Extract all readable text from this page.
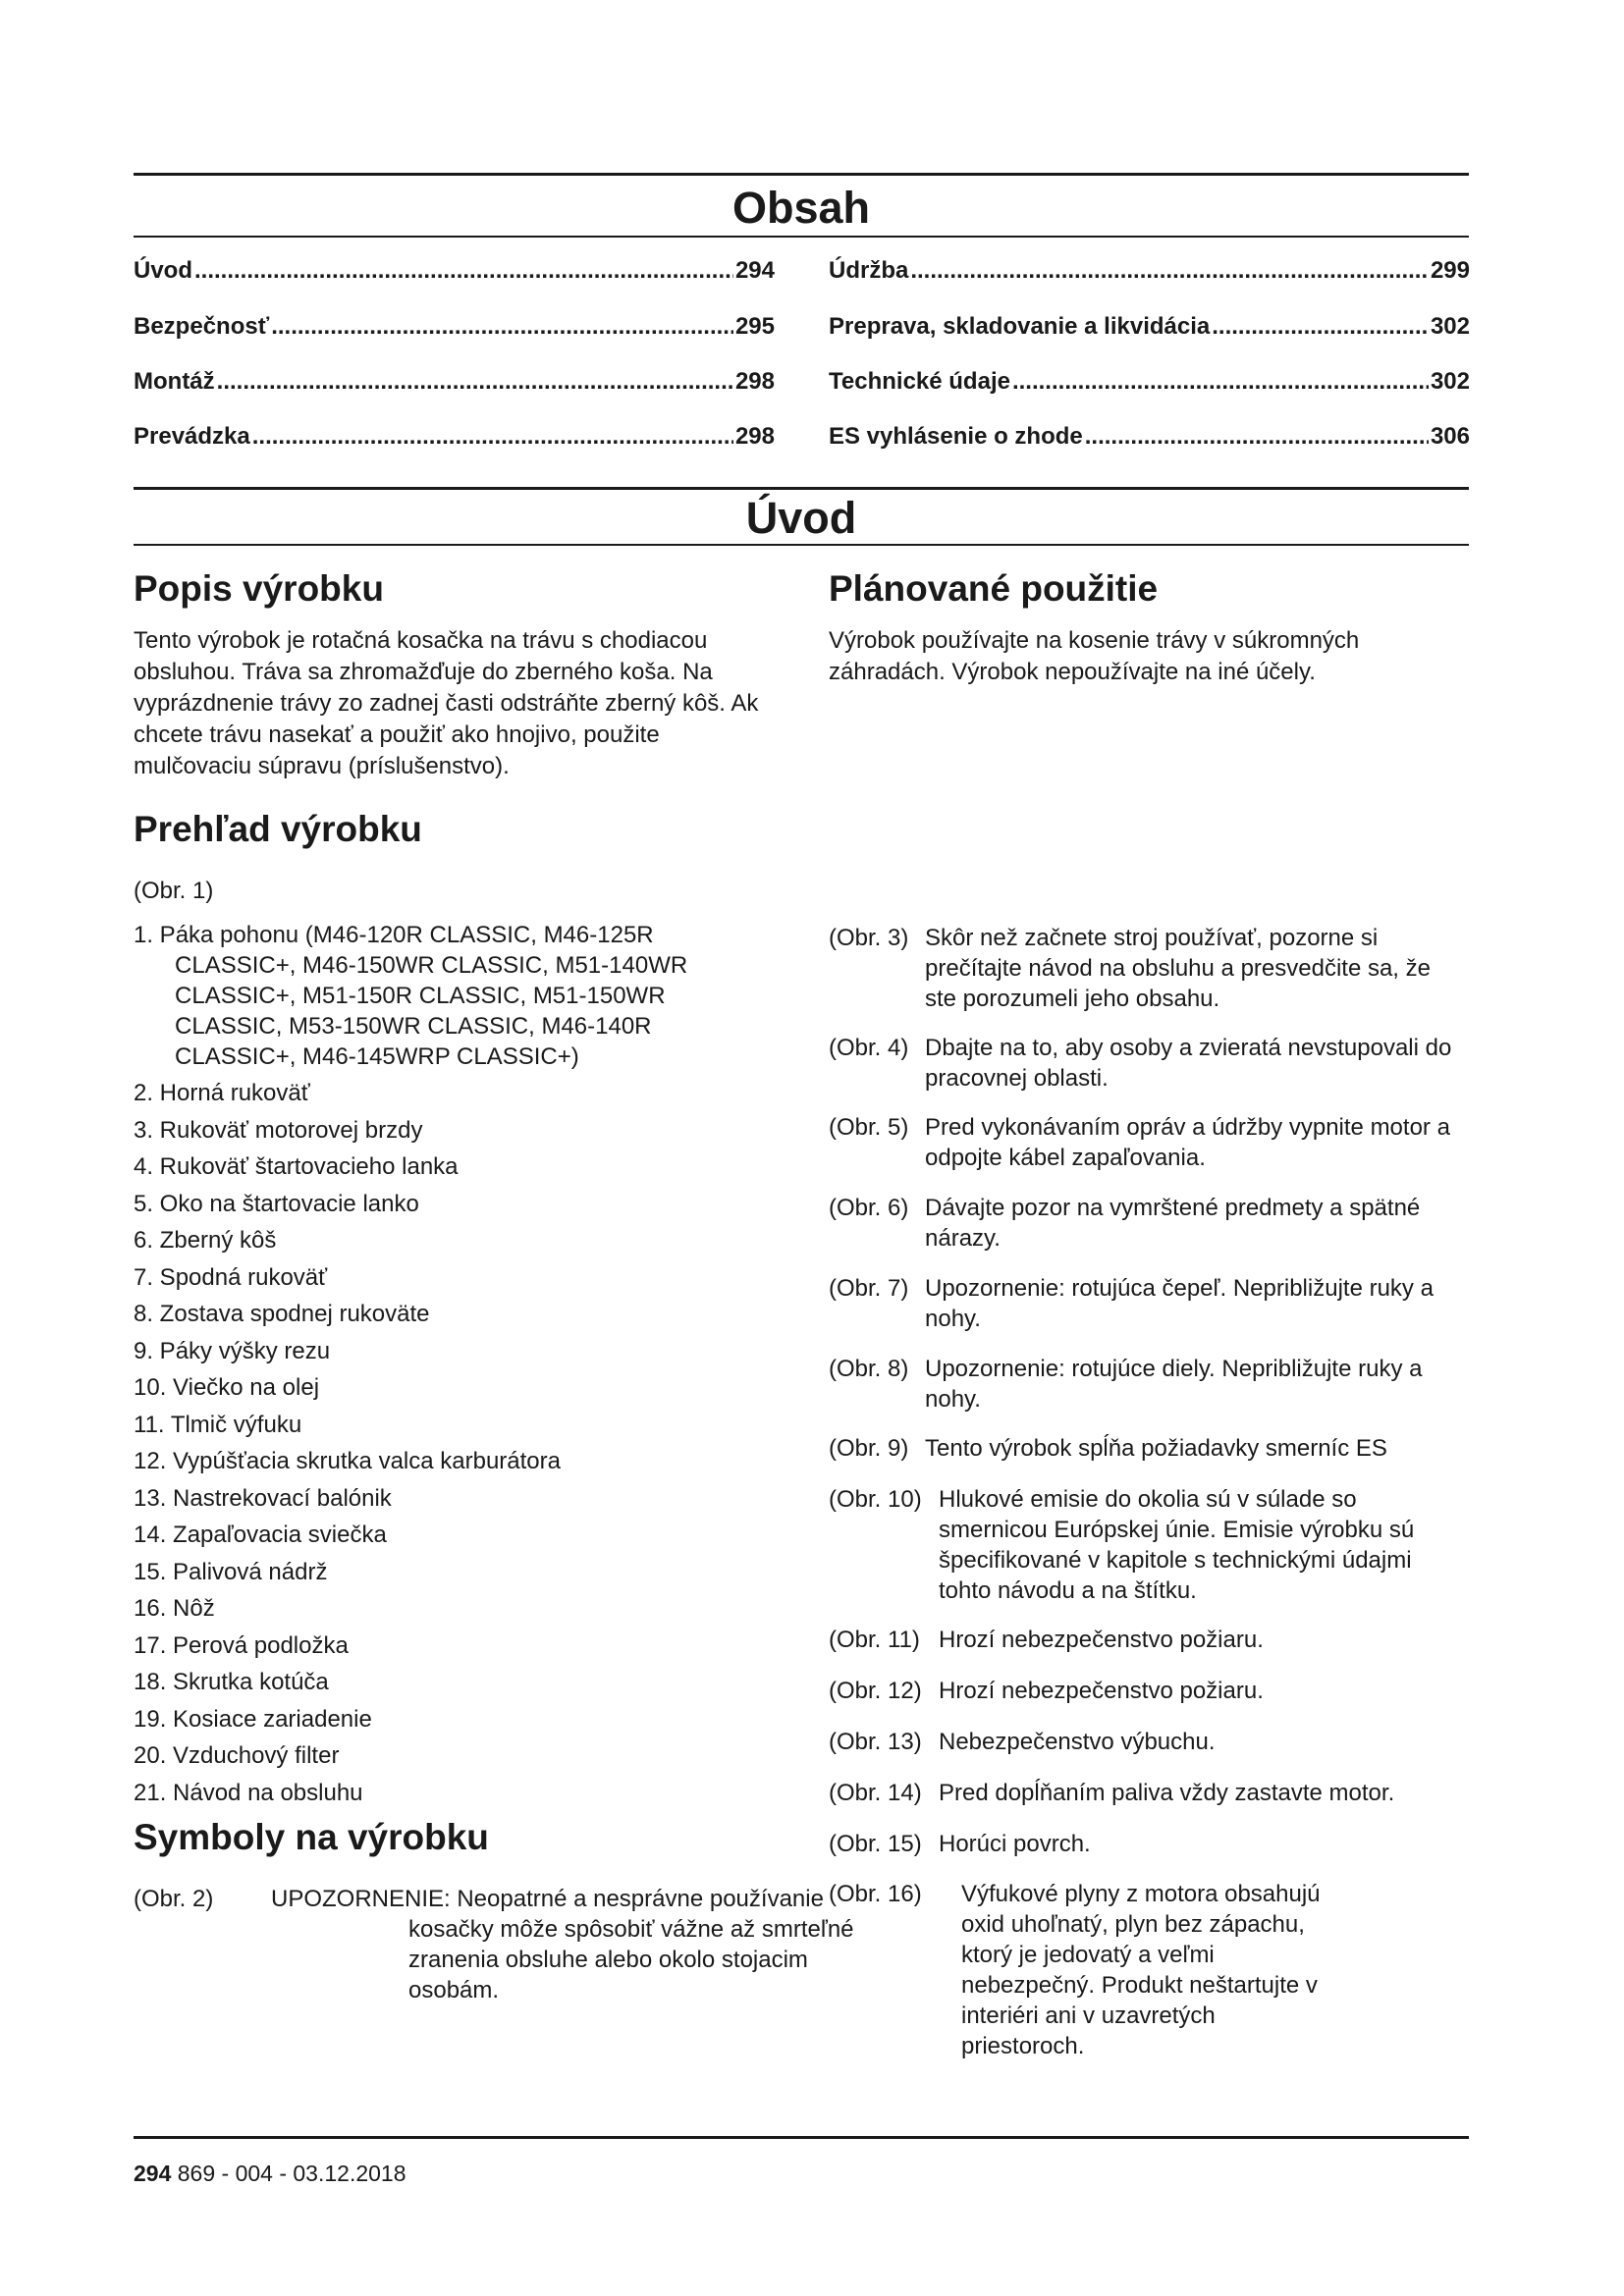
Obsah
Úvod .....	294
Bezpečnosť .....	295
Montáž .....	298
Prevádzka .....	298
Údržba .....	299
Preprava, skladovanie a likvidácia .....	302
Technické údaje .....	302
ES vyhlásenie o zhode .....	306
Úvod
Popis výrobku

Tento výrobok je rotačná kosačka na trávu s chodiacou obsluhou. Tráva sa zhromažďuje do zberného koša. Na vyprázdnenie trávy zo zadnej časti odstráňte zberný kôš. Ak chcete trávu nasekať a použiť ako hnojivo, použite mulčovaciu súpravu (príslušenstvo).

Prehľad výrobku

(Obr. 1)

1. Páka pohonu (M46-120R CLASSIC, M46-125R CLASSIC+, M46-150WR CLASSIC, M51-140WR CLASSIC+, M51-150R CLASSIC, M51-150WR CLASSIC, M53-150WR CLASSIC, M46-140R CLASSIC+, M46-145WRP CLASSIC+)
2. Horná rukoväť
3. Rukoväť motorovej brzdy
4. Rukoväť štartovacieho lanka
5. Oko na štartovacie lanko
6. Zberný kôš
7. Spodná rukoväť
8. Zostava spodnej rukoväte
9. Páky výšky rezu
10. Viečko na olej
11. Tlmič výfuku
12. Vypúšťacia skrutka valca karburátora
13. Nastrekovací balónik
14. Zapaľovacia sviečka
15. Palivová nádrž
16. Nôž
17. Perová podložka
18. Skrutka kotúča
19. Kosiace zariadenie
20. Vzduchový filter
21. Návod na obsluhu
Symboly na výrobku
(Obr. 2) UPOZORNENIE: Neopatrné a nesprávne používanie kosačky môže spôsobiť vážne až smrteľné zranenia obsluhe alebo okolo stojacim osobám.
Plánované použitie

Výrobok používajte na kosenie trávy v súkromných záhradách. Výrobok nepoužívajte na iné účely.

(Obr. 3) Skôr než začnete stroj používať, pozorne si prečítajte návod na obsluhu a presvedčite sa, že ste porozumeli jeho obsahu.
(Obr. 4) Dbajte na to, aby osoby a zvieratá nevstupovali do pracovnej oblasti.
(Obr. 5) Pred vykonávaním opráv a údržby vypnite motor a odpojte kábel zapaľovania.
(Obr. 6) Dávajte pozor na vymrštené predmety a spätné nárazy.
(Obr. 7) Upozornenie: rotujúca čepeľ. Nepribližujte ruky a nohy.
(Obr. 8) Upozornenie: rotujúce diely. Nepribližujte ruky a nohy.
(Obr. 9) Tento výrobok spĺňa požiadavky smerníc ES
(Obr. 10) Hlukové emisie do okolia sú v súlade so smernicou Európskej únie. Emisie výrobku sú špecifikované v kapitole s technickými údajmi tohto návodu a na štítku.
(Obr. 11) Hrozí nebezpečenstvo požiaru.
(Obr. 12) Hrozí nebezpečenstvo požiaru.
(Obr. 13) Nebezpečenstvo výbuchu.
(Obr. 14) Pred dopĺňaním paliva vždy zastavte motor.
(Obr. 15) Horúci povrch.
(Obr. 16) Výfukové plyny z motora obsahujú oxid uhoľnatý, plyn bez zápachu, ktorý je jedovatý a veľmi nebezpečný. Produkt neštartujte v interiéri ani v uzavretých priestoroch.
294 869 - 004 - 03.12.2018
